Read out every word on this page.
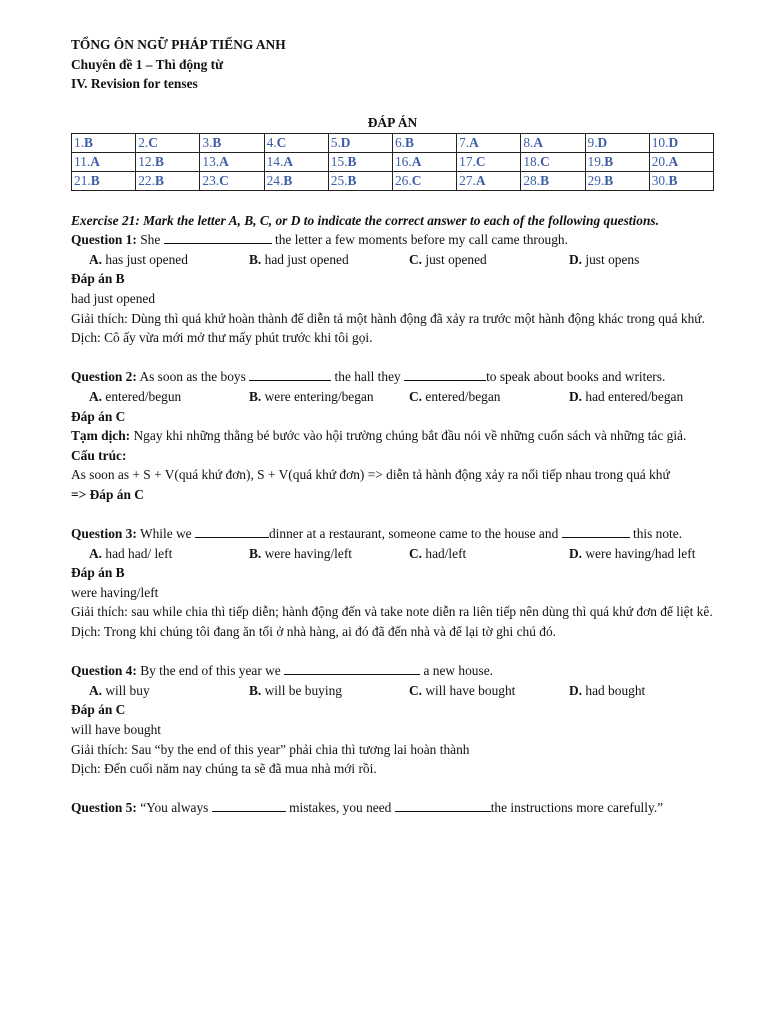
TỔNG ÔN NGỮ PHÁP TIẾNG ANH
Chuyên đề 1 – Thì động từ
IV. Revision for tenses
ĐÁP ÁN
1.B	2.C	3.B	4.C	5.D	6.B	7.A	8.A	9.D	10.D
11.A	12.B	13.A	14.A	15.B	16.A	17.C	18.C	19.B	20.A
21.B	22.B	23.C	24.B	25.B	26.C	27.A	28.B	29.B	30.B
Exercise 21: Mark the letter A, B, C, or D to indicate the correct answer to each of the following questions.
Question 1: She	the letter a few moments before my call came through.
A. has just opened	B. had just opened	C. just opened	D. just opens
Đáp án B
had just opened
Giải thích: Dùng thì quá khứ hoàn thành để diễn tả một hành động đã xảy ra trước một hành động khác trong quá khứ.
Dịch: Cô ấy vừa mới mở thư mấy phút trước khi tôi gọi.
Question 2: As soon as the boys	the hall they	to speak about books and writers.
A. entered/begun	B. were entering/began	C. entered/began	D. had entered/began
Đáp án C
Tạm dịch: Ngay khi những thằng bé bước vào hội trường chúng bắt đầu nói về những cuốn sách và những tác giả.
Cấu trúc:
As soon as + S + V(quá khứ đơn), S + V(quá khứ đơn) => diễn tả hành động xảy ra nối tiếp nhau trong quá khứ
=> Đáp án C
Question 3: While we	dinner at a restaurant, someone came to the house and	this note.
A. had had/ left	B. were having/left	C. had/left	D. were having/had left
Đáp án B
were having/left
Giải thích: sau while chia thì tiếp diễn; hành động đến và take note diễn ra liên tiếp nên dùng thì quá khứ đơn để liệt kê.
Dịch: Trong khi chúng tôi đang ăn tối ở nhà hàng, ai đó đã đến nhà và để lại tờ ghi chú đó.
Question 4: By the end of this year we	a new house.
A. will buy	B. will be buying	C. will have bought	D. had bought
Đáp án C
will have bought
Giải thích: Sau “by the end of this year” phải chia thì tương lai hoàn thành
Dịch: Đến cuối năm nay chúng ta sẽ đã mua nhà mới rồi.
Question 5: “You always	mistakes, you need	the instructions more carefully.”
